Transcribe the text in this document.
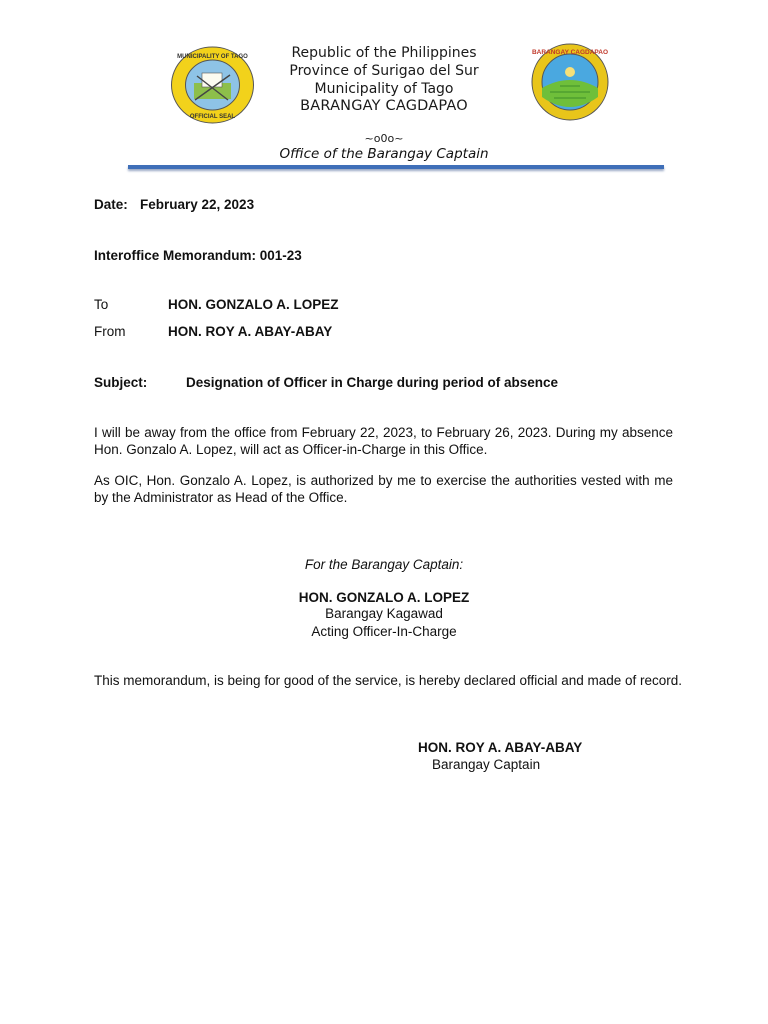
MUNICIPALITY OF TAGO
OFFICIAL SEAL
BARANGAY CAGDAPAO
Republic of the Philippines
Province of Surigao del Sur
Municipality of Tago
BARANGAY CAGDAPAO
~o0o~
Office of the Barangay Captain
Date: February 22, 2023
Interoffice Memorandum: 001-23
To	HON. GONZALO A. LOPEZ
From	HON. ROY A. ABAY-ABAY
Subject:	Designation of Officer in Charge during period of absence
I will be away from the office from February 22, 2023, to February 26, 2023. During my absence Hon. Gonzalo A. Lopez, will act as Officer-in-Charge in this Office.
As OIC, Hon. Gonzalo A. Lopez, is authorized by me to exercise the authorities vested with me by the Administrator as Head of the Office.
For the Barangay Captain:
HON. GONZALO A. LOPEZ
Barangay Kagawad
Acting Officer-In-Charge
This memorandum, is being for good of the service, is hereby declared official and made of record.
HON. ROY A. ABAY-ABAY
Barangay Captain
